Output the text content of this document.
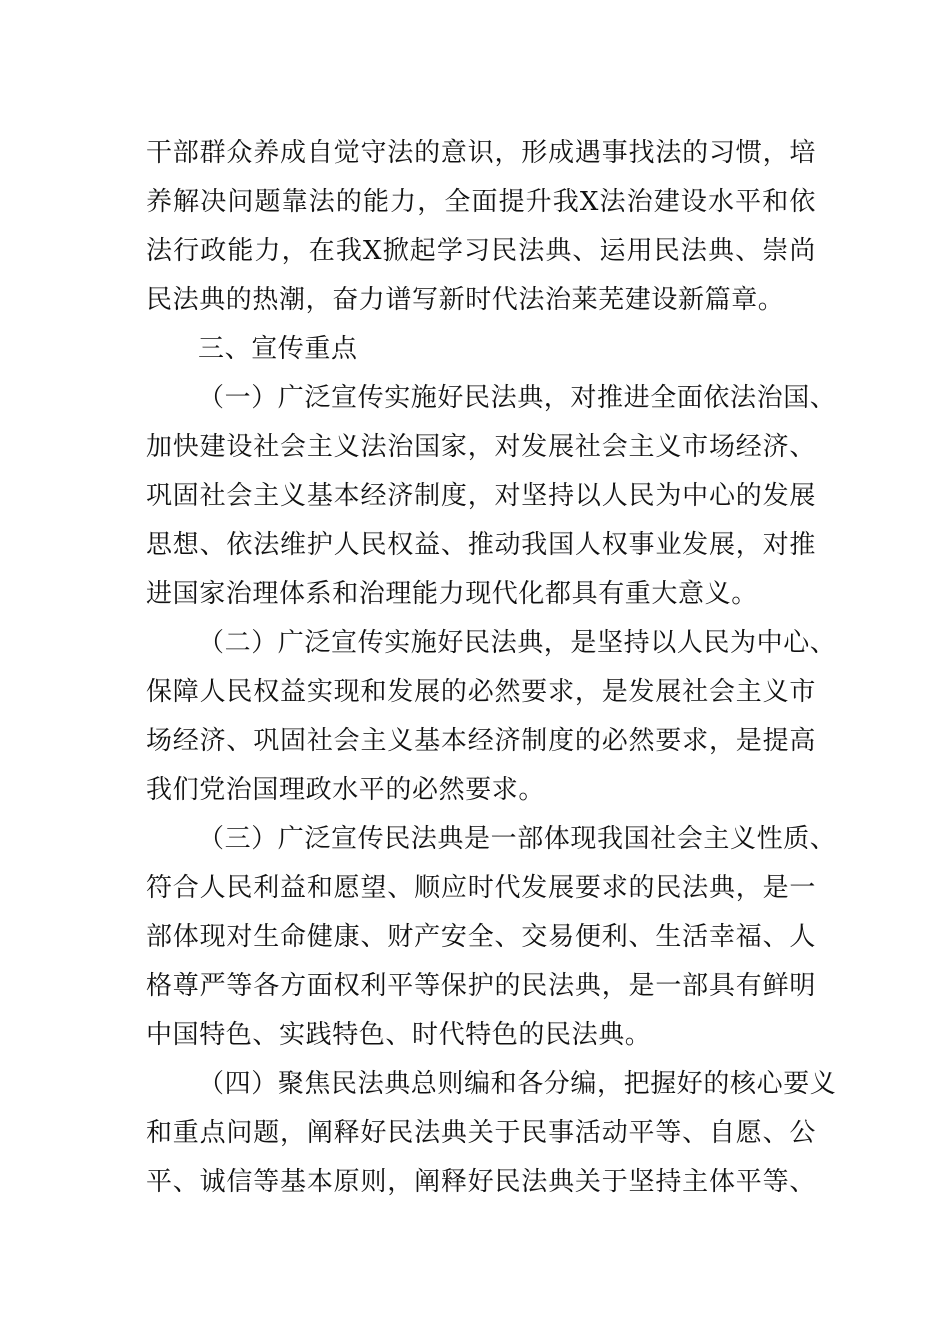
干部群众养成自觉守法的意识，形成遇事找法的习惯，培
养解决问题靠法的能力，全面提升我X法治建设水平和依
法行政能力，在我X掀起学习民法典、运用民法典、崇尚
民法典的热潮，奋力谱写新时代法治莱芜建设新篇章。
三、宣传重点
（一）广泛宣传实施好民法典，对推进全面依法治国、
加快建设社会主义法治国家，对发展社会主义市场经济、
巩固社会主义基本经济制度，对坚持以人民为中心的发展
思想、依法维护人民权益、推动我国人权事业发展，对推
进国家治理体系和治理能力现代化都具有重大意义。
（二）广泛宣传实施好民法典，是坚持以人民为中心、
保障人民权益实现和发展的必然要求，是发展社会主义市
场经济、巩固社会主义基本经济制度的必然要求，是提高
我们党治国理政水平的必然要求。
（三）广泛宣传民法典是一部体现我国社会主义性质、
符合人民利益和愿望、顺应时代发展要求的民法典，是一
部体现对生命健康、财产安全、交易便利、生活幸福、人
格尊严等各方面权利平等保护的民法典，是一部具有鲜明
中国特色、实践特色、时代特色的民法典。
（四）聚焦民法典总则编和各分编，把握好的核心要义
和重点问题，阐释好民法典关于民事活动平等、自愿、公
平、诚信等基本原则，阐释好民法典关于坚持主体平等、
